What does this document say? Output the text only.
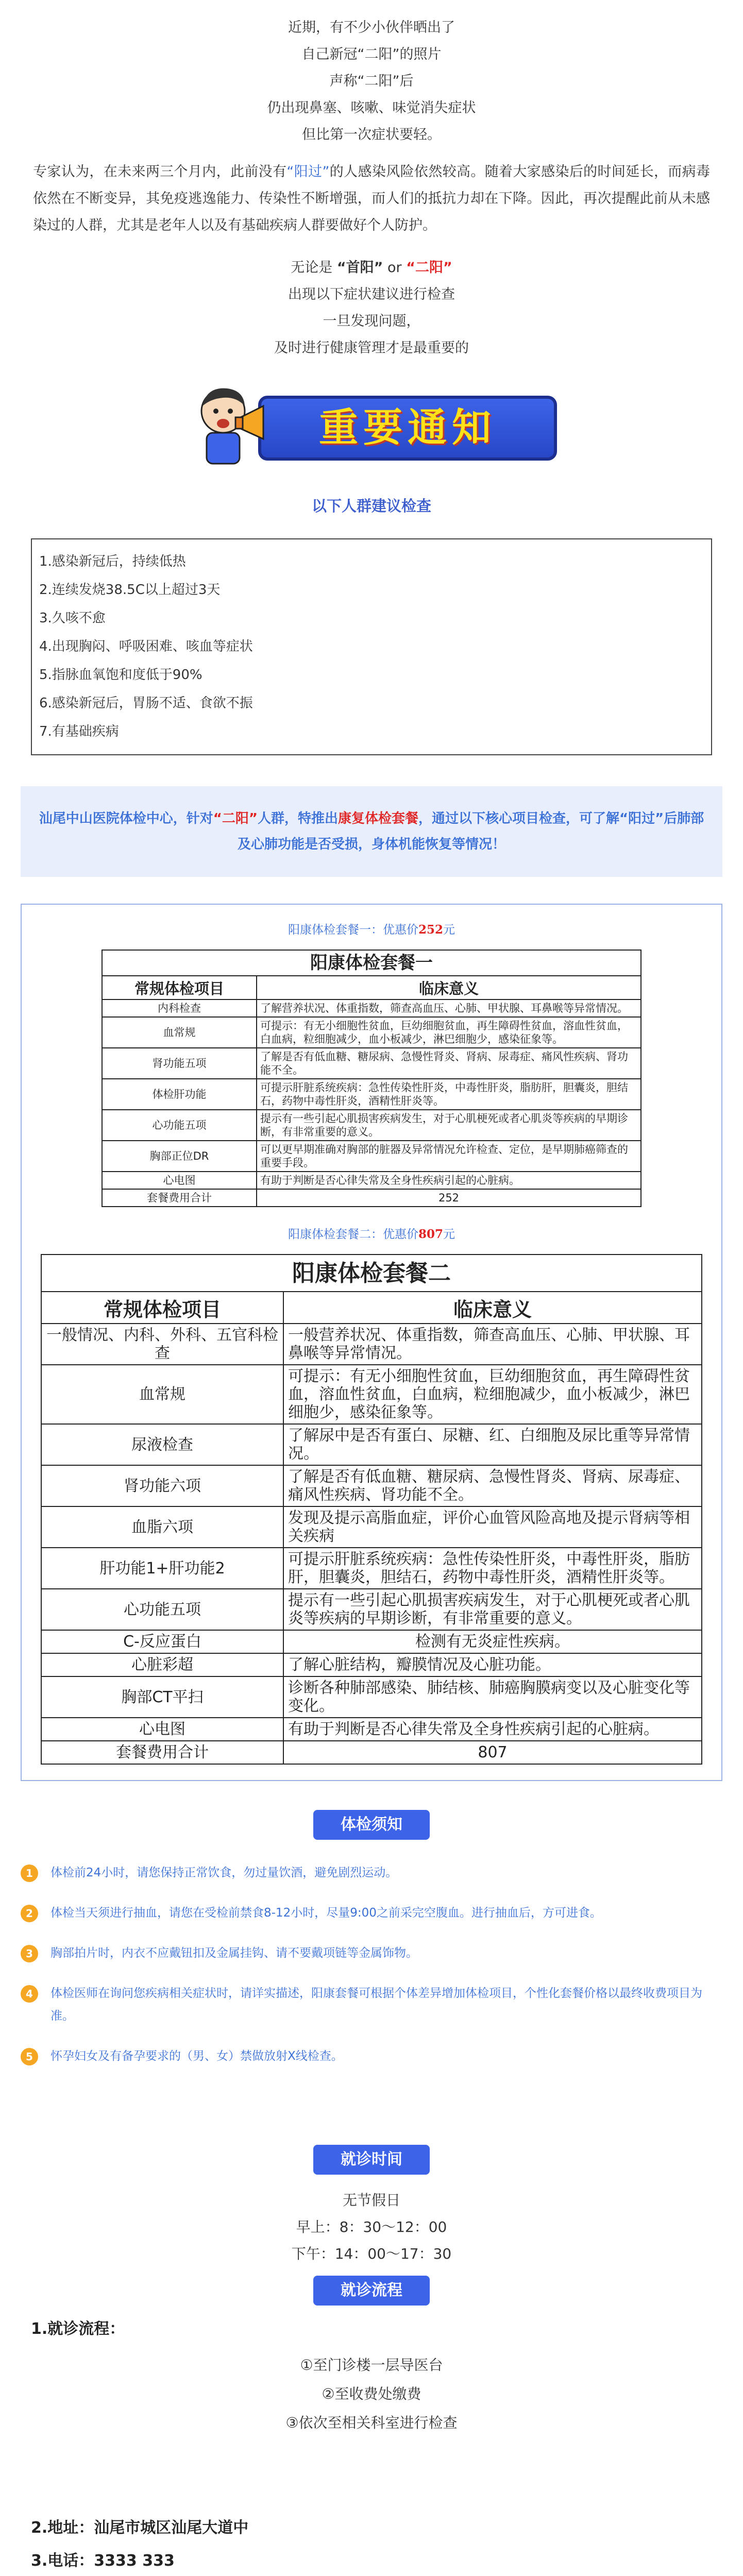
近期，有不少小伙伴晒出了

自己新冠“二阳”的照片

声称“二阳”后

仍出现鼻塞、咳嗽、味觉消失症状

但比第一次症状要轻。

专家认为，在未来两三个月内，此前没有“阳过”的人感染风险依然较高。随着大家感染后的时间延长，而病毒依然在不断变异，其免疫逃逸能力、传染性不断增强，而人们的抵抗力却在下降。因此，再次提醒此前从未感染过的人群，尤其是老年人以及有基础疾病人群要做好个人防护。

无论是 “首阳” or “二阳”

出现以下症状建议进行检查

一旦发现问题，

及时进行健康管理才是最重要的

重要通知
以下人群建议检查
1.感染新冠后，持续低热
2.连续发烧38.5C以上超过3天
3.久咳不愈
4.出现胸闷、呼吸困难、咳血等症状
5.指脉血氧饱和度低于90%
6.感染新冠后，胃肠不适、食欲不振
7.有基础疾病

汕尾中山医院体检中心，针对“二阳”人群，特推出康复体检套餐，通过以下核心项目检查，可了解“阳过”后肺部及心肺功能是否受损，身体机能恢复等情况！

阳康体检套餐一：优惠价252元
阳康体检套餐一	
常规体检项目	临床意义
内科检查	了解营养状况、体重指数，筛查高血压、心肺、甲状腺、耳鼻喉等异常情况。
血常规	可提示：有无小细胞性贫血，巨幼细胞贫血，再生障碍性贫血，溶血性贫血，白血病，粒细胞减少，血小板减少，淋巴细胞少，感染征象等。
肾功能五项	了解是否有低血糖、糖尿病、急慢性肾炎、肾病、尿毒症、痛风性疾病、肾功能不全。
体检肝功能	可提示肝脏系统疾病：急性传染性肝炎，中毒性肝炎，脂肪肝，胆囊炎，胆结石，药物中毒性肝炎，酒精性肝炎等。
心功能五项	提示有一些引起心肌损害疾病发生，对于心肌梗死或者心肌炎等疾病的早期诊断，有非常重要的意义。
胸部正位DR	可以更早期准确对胸部的脏器及异常情况允许检查、定位，是早期肺癌筛查的重要手段。
心电图	有助于判断是否心律失常及全身性疾病引起的心脏病。
套餐费用合计	252
阳康体检套餐二：优惠价807元
阳康体检套餐二	
常规体检项目	临床意义
一般情况、内科、外科、五官科检查	一般营养状况、体重指数，筛查高血压、心肺、甲状腺、耳鼻喉等异常情况。
血常规	可提示：有无小细胞性贫血，巨幼细胞贫血，再生障碍性贫血，溶血性贫血，白血病，粒细胞减少，血小板减少，淋巴细胞少，感染征象等。
尿液检查	了解尿中是否有蛋白、尿糖、红、白细胞及尿比重等异常情况。
肾功能六项	了解是否有低血糖、糖尿病、急慢性肾炎、肾病、尿毒症、痛风性疾病、肾功能不全。
血脂六项	发现及提示高脂血症，评价心血管风险高地及提示肾病等相关疾病
肝功能1+肝功能2	可提示肝脏系统疾病：急性传染性肝炎，中毒性肝炎，脂肪肝，胆囊炎，胆结石，药物中毒性肝炎，酒精性肝炎等。
心功能五项	提示有一些引起心肌损害疾病发生，对于心肌梗死或者心肌炎等疾病的早期诊断，有非常重要的意义。
C-反应蛋白	检测有无炎症性疾病。
心脏彩超	了解心脏结构，瓣膜情况及心脏功能。
胸部CT平扫	诊断各种肺部感染、肺结核、肺癌胸膜病变以及心脏变化等变化。
心电图	有助于判断是否心律失常及全身性疾病引起的心脏病。
套餐费用合计	807
体检须知
1	体检前24小时，请您保持正常饮食，勿过量饮酒，避免剧烈运动。
2	体检当天须进行抽血，请您在受检前禁食8-12小时，尽量9:00之前采完空腹血。进行抽血后，方可进食。
3	胸部拍片时，内衣不应戴钮扣及金属挂钩、请不要戴项链等金属饰物。
4	体检医师在询问您疾病相关症状时，请详实描述，阳康套餐可根据个体差异增加体检项目，个性化套餐价格以最终收费项目为准。
5	怀孕妇女及有备孕要求的（男、女）禁做放射X线检查。
就诊时间

无节假日

早上：8：30～12：00

下午：14：00～17：30

就诊流程
1.就诊流程：

①至门诊楼一层导医台

②至收费处缴费

③依次至相关科室进行检查

2.地址：汕尾市城区汕尾大道中
3.电话：3333 333
